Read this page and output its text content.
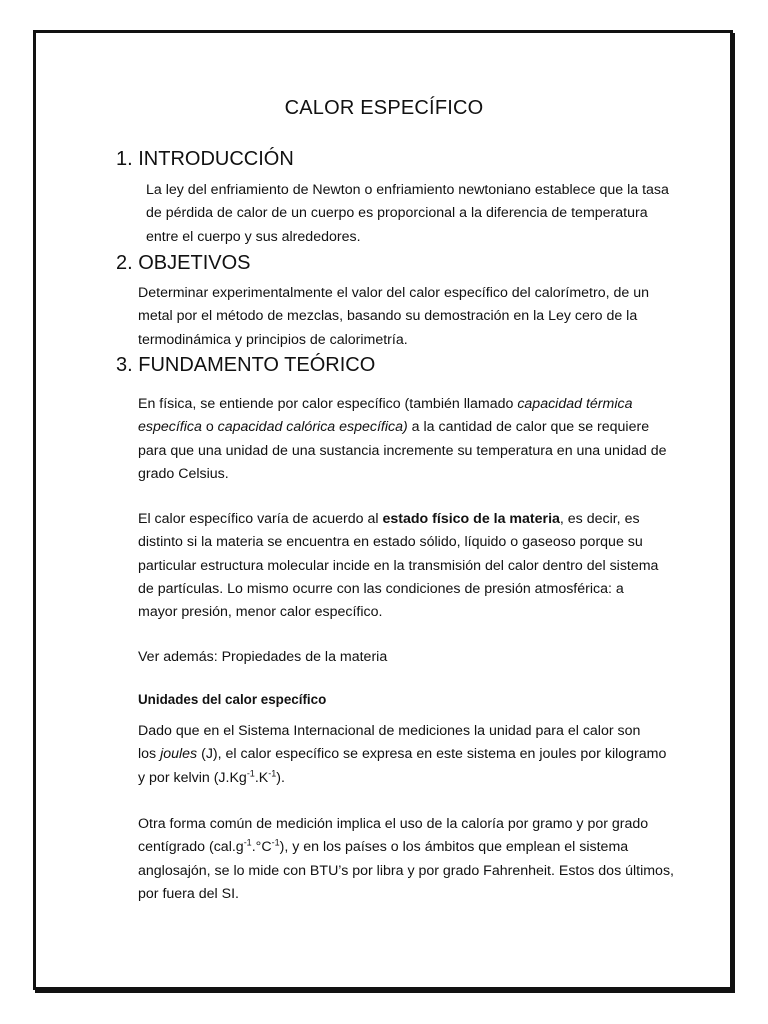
CALOR ESPECÍFICO
1. INTRODUCCIÓN

La ley del enfriamiento de Newton o enfriamiento newtoniano establece que la tasa
de pérdida de calor de un cuerpo es proporcional a la diferencia de temperatura
entre el cuerpo y sus alrededores.

2. OBJETIVOS

Determinar experimentalmente el valor del calor específico del calorímetro, de un
metal por el método de mezclas, basando su demostración en la Ley cero de la
termodinámica y principios de calorimetría.

3. FUNDAMENTO TEÓRICO

En física, se entiende por calor específico (también llamado capacidad térmica
específica o capacidad calórica específica) a la cantidad de calor que se requiere
para que una unidad de una sustancia incremente su temperatura en una unidad de
grado Celsius.

El calor específico varía de acuerdo al estado físico de la materia, es decir, es
distinto si la materia se encuentra en estado sólido, líquido o gaseoso porque su
particular estructura molecular incide en la transmisión del calor dentro del sistema
de partículas. Lo mismo ocurre con las condiciones de presión atmosférica: a
mayor presión, menor calor específico.

Ver además: Propiedades de la materia

Unidades del calor específico

Dado que en el Sistema Internacional de mediciones la unidad para el calor son
los joules (J), el calor específico se expresa en este sistema en joules por kilogramo
y por kelvin $(J.Kg^{-1}.K^{-1})$.

Otra forma común de medición implica el uso de la caloría por gramo y por grado
centígrado $(cal.g^{-1}.^\circ C^{-1})$, y en los países o los ámbitos que emplean el sistema
anglosajón, se lo mide con BTU’s por libra y por grado Fahrenheit. Estos dos últimos,
por fuera del SI.
